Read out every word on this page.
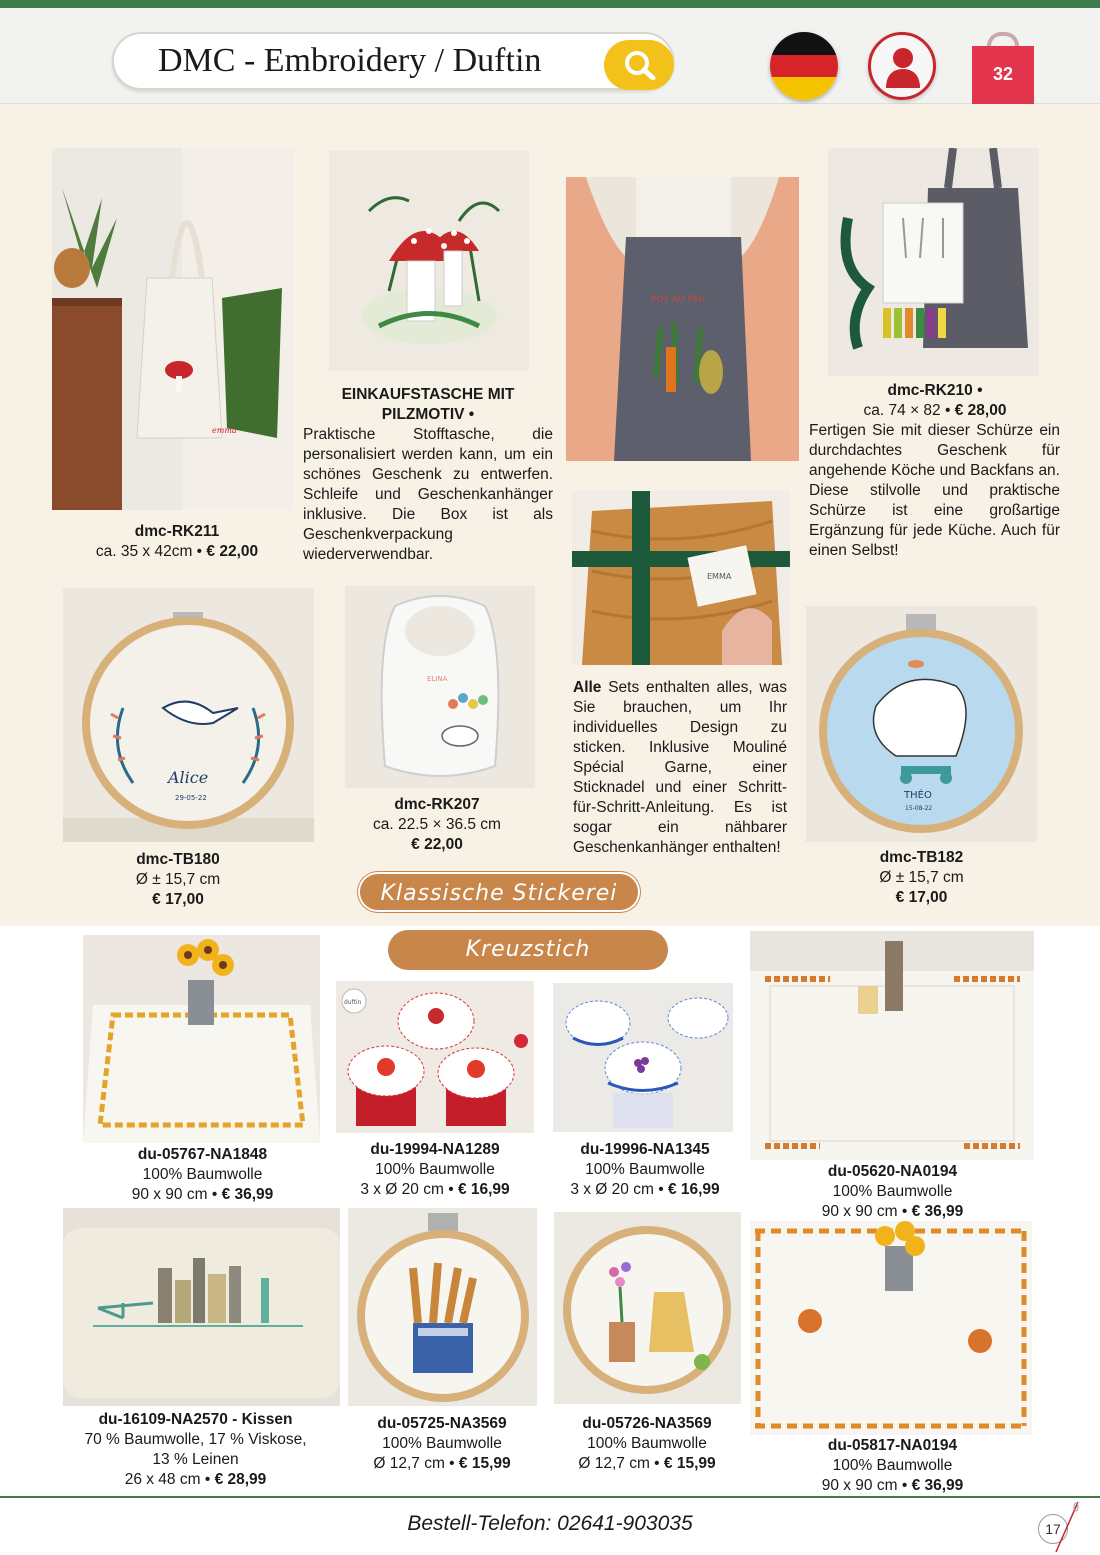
DMC - Embroidery / Duftin	32
emma
dmc-RK211
ca. 35 x 42cm • € 22,00
EINKAUFSTASCHE MIT
PILZMOTIV •
Praktische Stofftasche, die personalisiert werden kann, um ein schönes Geschenk zu entwerfen. Schleife und Geschenkanhänger inklusive. Die Box ist als Geschenkverpackung wiederverwendbar.
POT AU FEU
EMMA
Alle Sets enthalten alles, was Sie brauchen, um Ihr individuelles Design zu sticken. Inklusive Mouliné Spécial Garne, einer Sticknadel und einer Schritt-für-Schritt-Anleitung. Es ist sogar ein nähbarer Geschenkanhänger enthalten!
dmc-RK210 •
ca. 74 × 82 • € 28,00
Fertigen Sie mit dieser Schürze ein durchdachtes Geschenk für angehende Köche und Backfans an. Diese stilvolle und praktische Schürze ist eine großartige Ergänzung für jede Küche. Auch für einen Selbst!
Alice
29-05-22
dmc-TB180
Ø ± 15,7 cm
€ 17,00
ELINA
dmc-RK207
ca. 22.5 × 36.5 cm
€ 22,00
THÉO
15-08-22
dmc-TB182
Ø ± 15,7 cm
€ 17,00
Klassische Stickerei
Kreuzstich
du-05767-NA1848
100% Baumwolle
90 x 90 cm • € 36,99
duftin
du-19994-NA1289
100% Baumwolle
3 x Ø 20 cm • € 16,99
du-19996-NA1345
100% Baumwolle
3 x Ø 20 cm • € 16,99
du-05620-NA0194
100% Baumwolle
90 x 90 cm • € 36,99
du-16109-NA2570 - Kissen
70 % Baumwolle, 17 % Viskose,
13 % Leinen
26 x 48 cm • € 28,99
du-05725-NA3569
100% Baumwolle
Ø 12,7 cm • € 15,99
du-05726-NA3569
100% Baumwolle
Ø 12,7 cm • € 15,99
du-05817-NA0194
100% Baumwolle
90 x 90 cm • € 36,99
Bestell-Telefon: 02641-903035	17
